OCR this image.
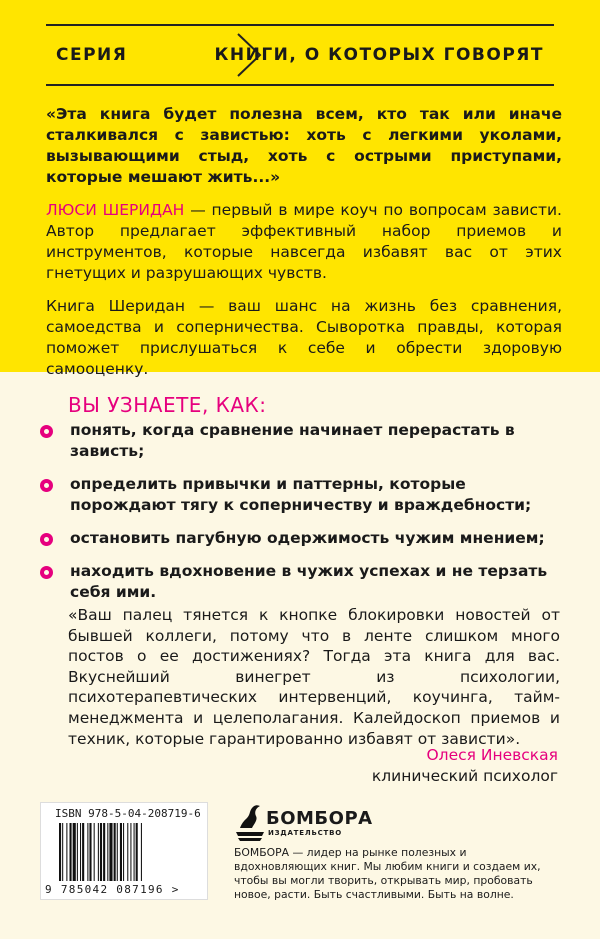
СЕРИЯ	КНИГИ, О КОТОРЫХ ГОВОРЯТ

«Эта книга будет полезна всем, кто так или иначе сталкивался с завистью: хоть с легкими уколами, вызывающими стыд, хоть с острыми приступами, которые мешают жить...»

ЛЮСИ ШЕРИДАН — первый в мире коуч по вопросам зависти. Автор предлагает эффективный набор приемов и инструментов, которые навсегда избавят вас от этих гнетущих и разрушающих чувств.

Книга Шеридан — ваш шанс на жизнь без сравнения, самоедства и соперничества. Сыворотка правды, которая поможет прислушаться к себе и обрести здоровую самооценку.

ВЫ УЗНАЕТЕ, КАК:
понять, когда сравнение начинает перерастать в зависть;
определить привычки и паттерны, которые порождают тягу к соперничеству и враждебности;
остановить пагубную одержимость чужим мнением;
находить вдохновение в чужих успехах и не терзать себя ими.

«Ваш палец тянется к кнопке блокировки новостей от бывшей коллеги, потому что в ленте слишком много постов о ее достижениях? Тогда эта книга для вас. Вкуснейший винегрет из психологии, психотерапевтических интервенций, коучинга, тайм-менеджмента и целеполагания. Калейдоскоп приемов и техник, которые гарантированно избавят от зависти».

Олеся Иневская
клинический психолог
ISBN 978-5-04-208719-6
9 785042 087196 >
БОМБОРА
ИЗДАТЕЛЬСТВО

БОМБОРА — лидер на рынке полезных и вдохновляющих книг. Мы любим книги и создаем их, чтобы вы могли творить, открывать мир, пробовать новое, расти. Быть счастливыми. Быть на волне.
